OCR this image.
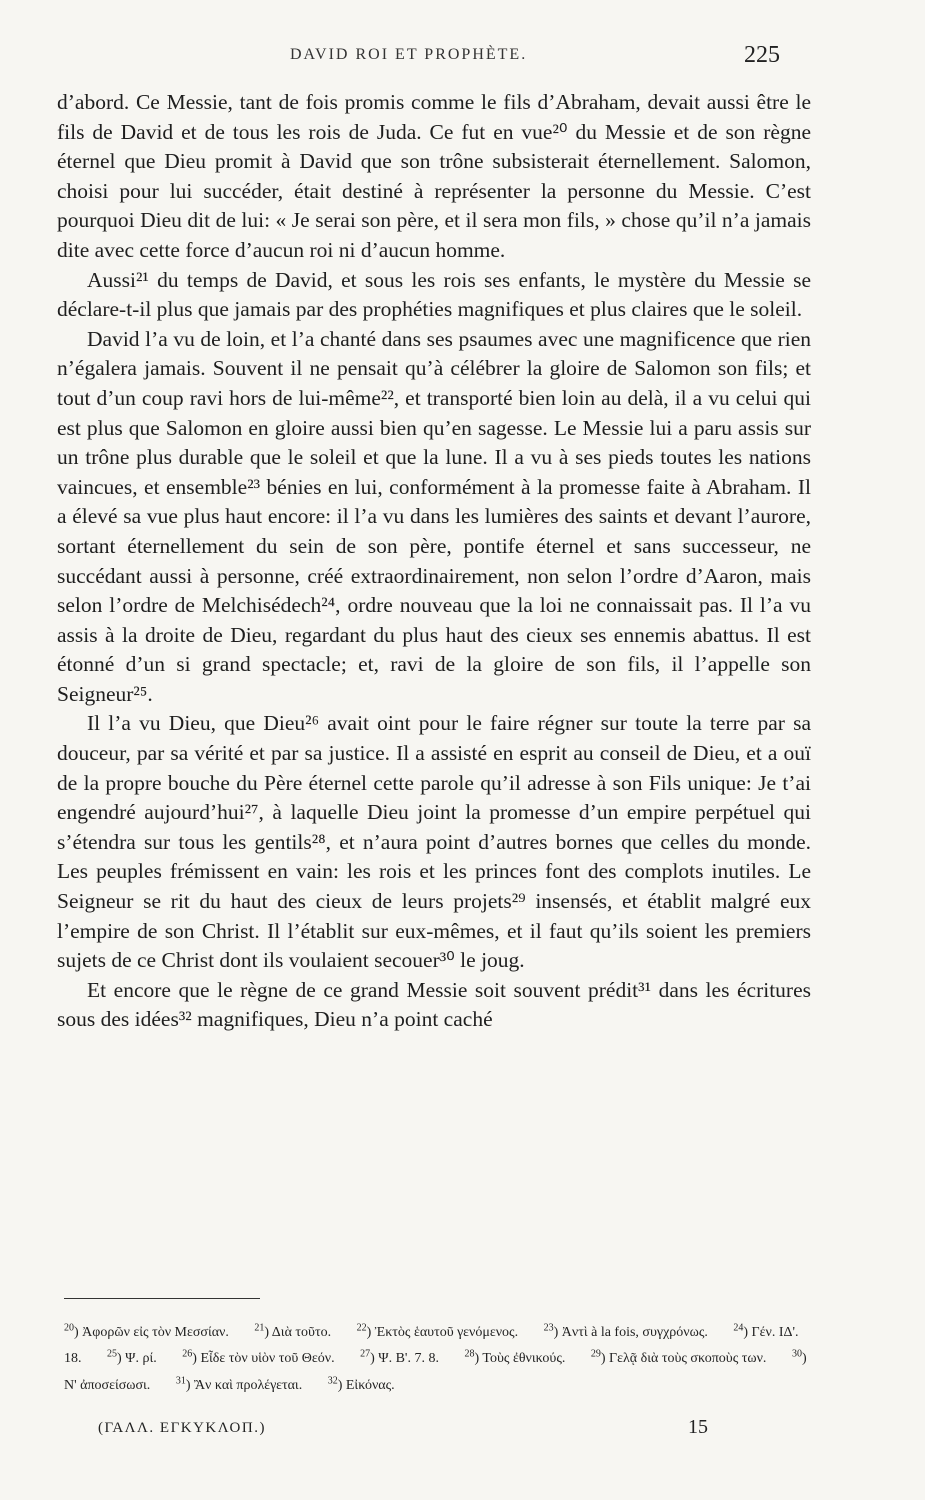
DAVID ROI ET PROPHÈTE.	225

d’abord. Ce Messie, tant de fois promis comme le fils d’Abraham, devait aussi être le fils de David et de tous les rois de Juda. Ce fut en vue²⁰ du Messie et de son règne éternel que Dieu promit à David que son trône subsisterait éternellement. Salomon, choisi pour lui succéder, était destiné à représenter la personne du Messie. C’est pourquoi Dieu dit de lui: « Je serai son père, et il sera mon fils, » chose qu’il n’a jamais dite avec cette force d’aucun roi ni d’aucun homme.

Aussi²¹ du temps de David, et sous les rois ses enfants, le mystère du Messie se déclare-t-il plus que jamais par des prophéties magnifiques et plus claires que le soleil.

David l’a vu de loin, et l’a chanté dans ses psaumes avec une magnificence que rien n’égalera jamais. Souvent il ne pensait qu’à célébrer la gloire de Salomon son fils; et tout d’un coup ravi hors de lui-même²², et transporté bien loin au delà, il a vu celui qui est plus que Salomon en gloire aussi bien qu’en sagesse. Le Messie lui a paru assis sur un trône plus durable que le soleil et que la lune. Il a vu à ses pieds toutes les nations vaincues, et ensemble²³ bénies en lui, conformément à la promesse faite à Abraham. Il a élevé sa vue plus haut encore: il l’a vu dans les lumières des saints et devant l’aurore, sortant éternellement du sein de son père, pontife éternel et sans successeur, ne succédant aussi à personne, créé extraordinairement, non selon l’ordre d’Aaron, mais selon l’ordre de Melchisédech²⁴, ordre nouveau que la loi ne connaissait pas. Il l’a vu assis à la droite de Dieu, regardant du plus haut des cieux ses ennemis abattus. Il est étonné d’un si grand spectacle; et, ravi de la gloire de son fils, il l’appelle son Seigneur²⁵.

Il l’a vu Dieu, que Dieu²⁶ avait oint pour le faire régner sur toute la terre par sa douceur, par sa vérité et par sa justice. Il a assisté en esprit au conseil de Dieu, et a ouï de la propre bouche du Père éternel cette parole qu’il adresse à son Fils unique: Je t’ai engendré aujourd’hui²⁷, à laquelle Dieu joint la promesse d’un empire perpétuel qui s’étendra sur tous les gentils²⁸, et n’aura point d’autres bornes que celles du monde. Les peuples frémissent en vain: les rois et les princes font des complots inutiles. Le Seigneur se rit du haut des cieux de leurs projets²⁹ insensés, et établit malgré eux l’empire de son Christ. Il l’établit sur eux-mêmes, et il faut qu’ils soient les premiers sujets de ce Christ dont ils voulaient secouer³⁰ le joug.

Et encore que le règne de ce grand Messie soit souvent prédit³¹ dans les écritures sous des idées³² magnifiques, Dieu n’a point caché

$^{20}$) Ἀφορῶν εἰς τὸν Μεσσίαν.	$^{21}$) Διὰ τοῦτο.	$^{22}$) Ἐκτὸς ἑαυτοῦ γενόμενος.	$^{23}$) Ἀντὶ à la fois, συγχρόνως.	$^{24}$) Γέν. ΙΔ'. 18.	$^{25}$) Ψ. ρί.	$^{26}$) Εἶδε τὸν υἱὸν τοῦ Θεόν.	$^{27}$) Ψ. Β'. 7. 8.	$^{28}$) Τοὺς ἐθνικούς.	$^{29}$) Γελᾷ διὰ τοὺς σκοποὺς των.	$^{30}$) Ν' ἀποσείσωσι.	$^{31}$) Ἂν καὶ προλέγεται.	$^{32}$) Εἰκόνας.
(ΓΑΛΛ. ΕΓΚΥΚΛΟΠ.)	15
